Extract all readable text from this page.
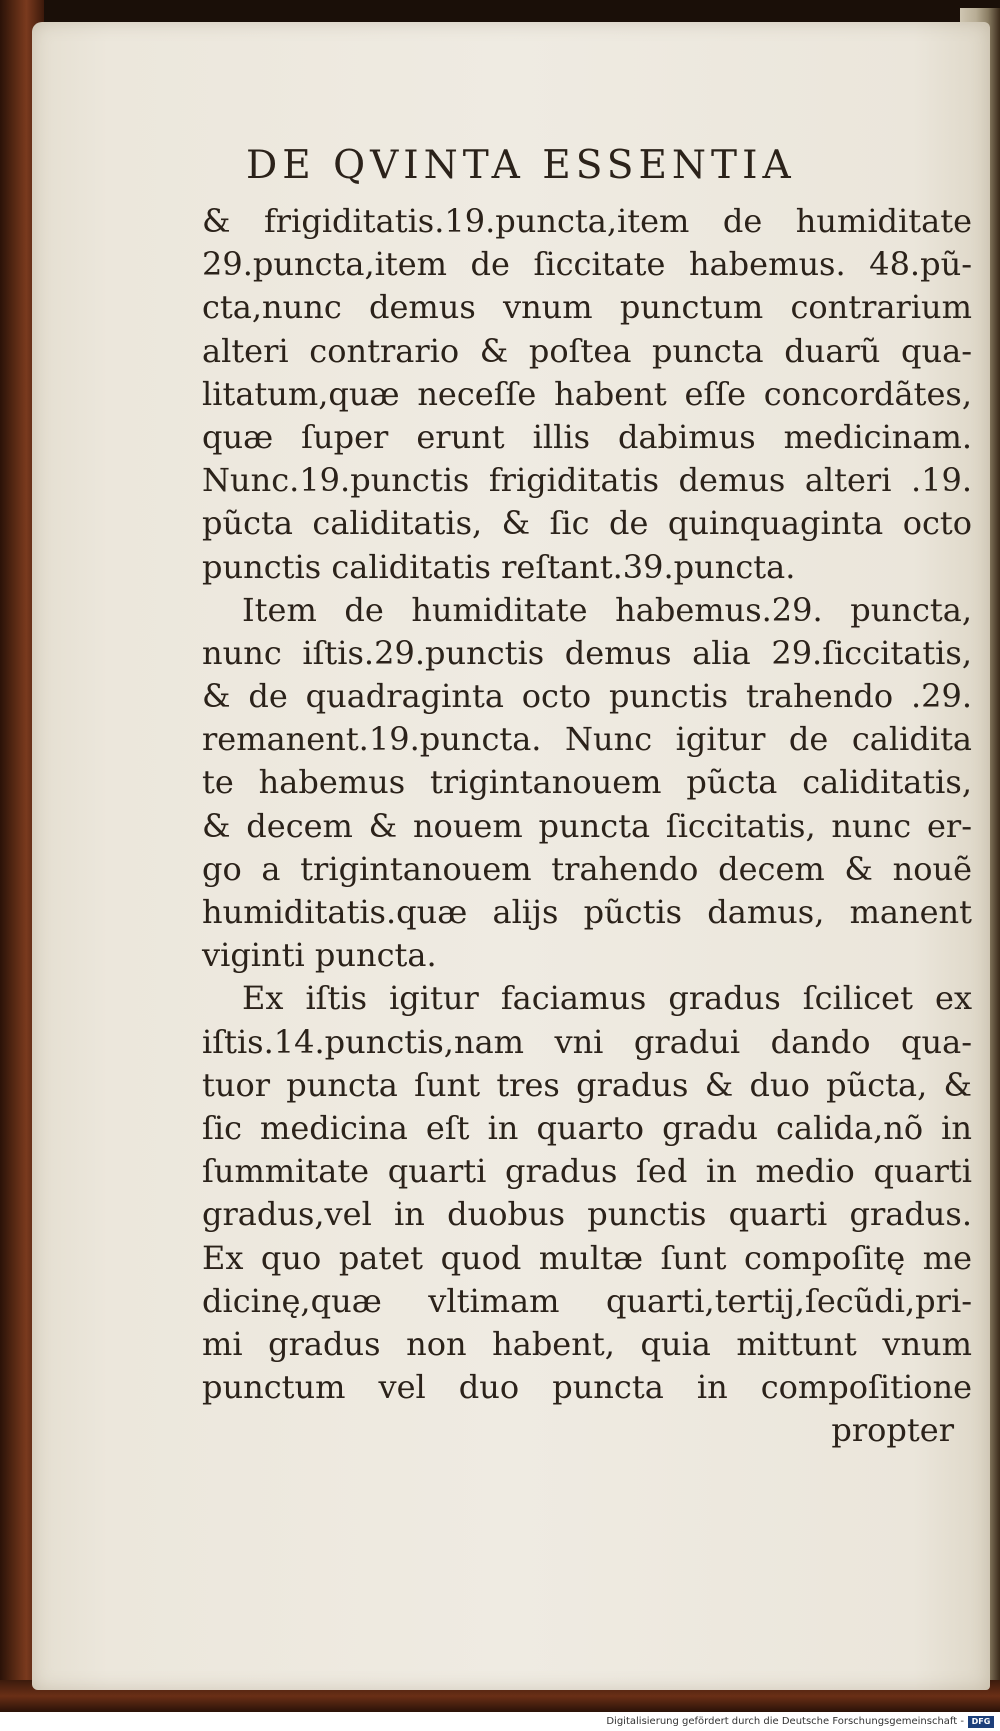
DE QVINTA ESSENTIA
& frigiditatis.19.puncta,item de humiditate
29.puncta,item de ſiccitate habemus. 48.pũ-
cta,nunc demus vnum punctum contrarium
alteri contrario & poſtea puncta duarũ qua-
litatum,quæ neceſſe habent eſſe concordãtes,
quæ ſuper erunt illis dabimus medicinam.
Nunc.19.punctis frigiditatis demus alteri .19.
pũcta caliditatis, & ſic de quinquaginta octo
punctis caliditatis reſtant.39.puncta.
Item de humiditate habemus.29. puncta,
nunc iſtis.29.punctis demus alia 29.ſiccitatis,
& de quadraginta octo punctis trahendo .29.
remanent.19.puncta. Nunc igitur de calidita
te habemus trigintanouem pũcta caliditatis,
& decem & nouem puncta ſiccitatis, nunc er-
go a trigintanouem trahendo decem & nouẽ
humiditatis.quæ alijs pũctis damus, manent
viginti puncta.
Ex iſtis igitur faciamus gradus ſcilicet ex
iſtis.14.punctis,nam vni gradui dando qua-
tuor puncta ſunt tres gradus & duo pũcta, &
ſic medicina eſt in quarto gradu calida,nõ in
ſummitate quarti gradus ſed in medio quarti
gradus,vel in duobus punctis quarti gradus.
Ex quo patet quod multæ ſunt compoſitę me
dicinę,quæ vltimam quarti,tertij,ſecũdi,pri-
mi gradus non habent, quia mittunt vnum
punctum vel duo puncta in compoſitione
propter
Digitalisierung gefördert durch die Deutsche Forschungsgemeinschaft - DFG
